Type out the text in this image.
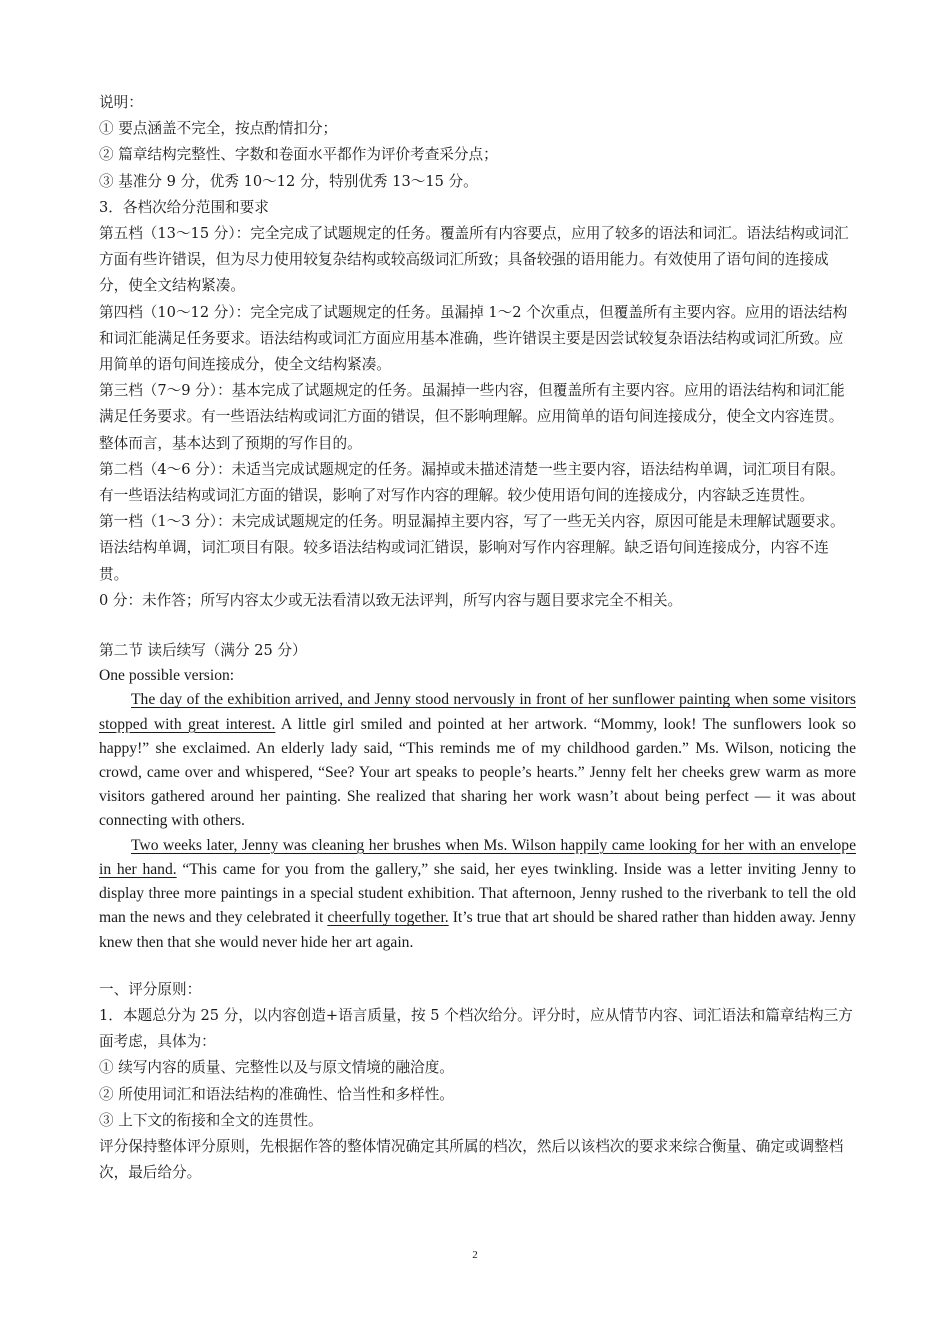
说明：

① 要点涵盖不完全，按点酌情扣分；

② 篇章结构完整性、字数和卷面水平都作为评价考查采分点；

③ 基准分 9 分，优秀 10～12 分，特别优秀 13～15 分。

3．各档次给分范围和要求

第五档（13～15 分）：完全完成了试题规定的任务。覆盖所有内容要点，应用了较多的语法和词汇。语法结构或词汇方面有些许错误，但为尽力使用较复杂结构或较高级词汇所致；具备较强的语用能力。有效使用了语句间的连接成分，使全文结构紧凑。

第四档（10～12 分）：完全完成了试题规定的任务。虽漏掉 1～2 个次重点，但覆盖所有主要内容。应用的语法结构和词汇能满足任务要求。语法结构或词汇方面应用基本准确，些许错误主要是因尝试较复杂语法结构或词汇所致。应用简单的语句间连接成分，使全文结构紧凑。

第三档（7～9 分）：基本完成了试题规定的任务。虽漏掉一些内容，但覆盖所有主要内容。应用的语法结构和词汇能满足任务要求。有一些语法结构或词汇方面的错误，但不影响理解。应用简单的语句间连接成分，使全文内容连贯。整体而言，基本达到了预期的写作目的。

第二档（4～6 分）：未适当完成试题规定的任务。漏掉或未描述清楚一些主要内容，语法结构单调，词汇项目有限。有一些语法结构或词汇方面的错误，影响了对写作内容的理解。较少使用语句间的连接成分，内容缺乏连贯性。

第一档（1～3 分）：未完成试题规定的任务。明显漏掉主要内容，写了一些无关内容，原因可能是未理解试题要求。语法结构单调，词汇项目有限。较多语法结构或词汇错误，影响对写作内容理解。缺乏语句间连接成分，内容不连贯。

0 分：未作答；所写内容太少或无法看清以致无法评判，所写内容与题目要求完全不相关。

第二节 读后续写（满分 25 分）

One possible version:

The day of the exhibition arrived, and Jenny stood nervously in front of her sunflower painting when some visitors stopped with great interest. A little girl smiled and pointed at her artwork. “Mommy, look! The sunflowers look so happy!” she exclaimed. An elderly lady said, “This reminds me of my childhood garden.” Ms. Wilson, noticing the crowd, came over and whispered, “See? Your art speaks to people’s hearts.” Jenny felt her cheeks grew warm as more visitors gathered around her painting. She realized that sharing her work wasn’t about being perfect — it was about connecting with others.

Two weeks later, Jenny was cleaning her brushes when Ms. Wilson happily came looking for her with an envelope in her hand. “This came for you from the gallery,” she said, her eyes twinkling. Inside was a letter inviting Jenny to display three more paintings in a special student exhibition. That afternoon, Jenny rushed to the riverbank to tell the old man the news and they celebrated it cheerfully together. It’s true that art should be shared rather than hidden away. Jenny knew then that she would never hide her art again.

一、评分原则：

1．本题总分为 25 分，以内容创造+语言质量，按 5 个档次给分。评分时，应从情节内容、词汇语法和篇章结构三方面考虑，具体为：

① 续写内容的质量、完整性以及与原文情境的融洽度。

② 所使用词汇和语法结构的准确性、恰当性和多样性。

③ 上下文的衔接和全文的连贯性。

评分保持整体评分原则，先根据作答的整体情况确定其所属的档次，然后以该档次的要求来综合衡量、确定或调整档次，最后给分。

2
